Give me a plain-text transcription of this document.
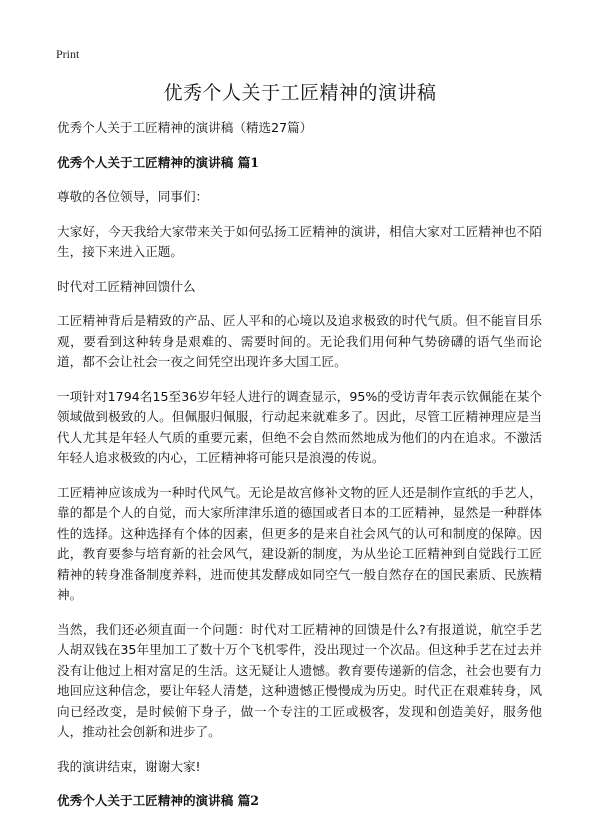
Print
优秀个人关于工匠精神的演讲稿

优秀个人关于工匠精神的演讲稿（精选27篇）

优秀个人关于工匠精神的演讲稿 篇1

尊敬的各位领导，同事们：

大家好，今天我给大家带来关于如何弘扬工匠精神的演讲，相信大家对工匠精神也不陌生，接下来进入正题。

时代对工匠精神回馈什么

工匠精神背后是精致的产品、匠人平和的心境以及追求极致的时代气质。但不能盲目乐观，要看到这种转身是艰难的、需要时间的。无论我们用何种气势磅礴的语气坐而论道，都不会让社会一夜之间凭空出现许多大国工匠。

一项针对1794名15至36岁年轻人进行的调查显示，95%的受访青年表示钦佩能在某个领域做到极致的人。但佩服归佩服，行动起来就难多了。因此，尽管工匠精神理应是当代人尤其是年轻人气质的重要元素，但绝不会自然而然地成为他们的内在追求。不激活年轻人追求极致的内心，工匠精神将可能只是浪漫的传说。

工匠精神应该成为一种时代风气。无论是故宫修补文物的匠人还是制作宣纸的手艺人，靠的都是个人的自觉，而大家所津津乐道的德国或者日本的工匠精神，显然是一种群体性的选择。这种选择有个体的因素，但更多的是来自社会风气的认可和制度的保障。因此，教育要参与培育新的社会风气，建设新的制度，为从坐论工匠精神到自觉践行工匠精神的转身准备制度养料，进而使其发酵成如同空气一般自然存在的国民素质、民族精神。

当然，我们还必须直面一个问题：时代对工匠精神的回馈是什么?有报道说，航空手艺人胡双钱在35年里加工了数十万个飞机零件，没出现过一个次品。但这种手艺在过去并没有让他过上相对富足的生活。这无疑让人遗憾。教育要传递新的信念，社会也要有力地回应这种信念，要让年轻人清楚，这种遗憾正慢慢成为历史。时代正在艰难转身，风向已经改变，是时候俯下身子，做一个专注的工匠或极客，发现和创造美好，服务他人，推动社会创新和进步了。

我的演讲结束，谢谢大家!

优秀个人关于工匠精神的演讲稿 篇2
